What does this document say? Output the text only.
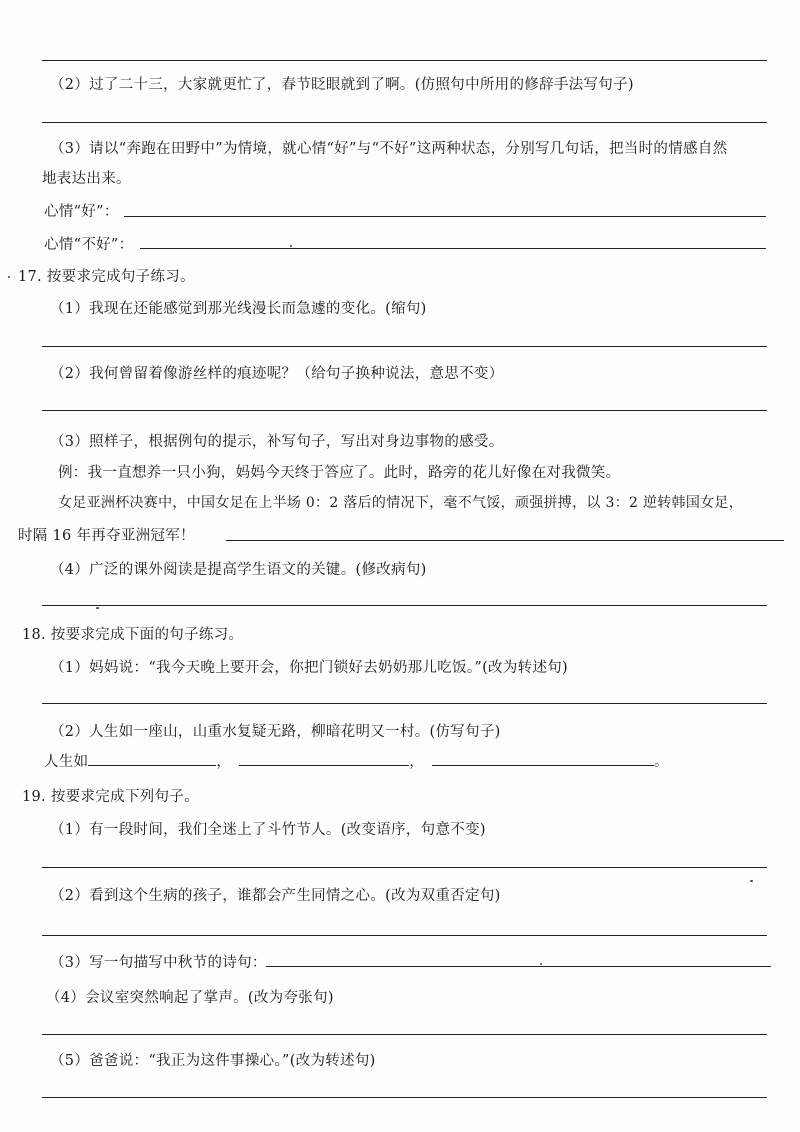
（2）过了二十三，大家就更忙了，春节眨眼就到了啊。(仿照句中所用的修辞手法写句子)
（3）请以“奔跑在田野中”为情境，就心情“好”与“不好”这两种状态，分别写几句话，把当时的情感自然
地表达出来。
心情“好”：
心情“不好”：
17. 按要求完成句子练习。
（1）我现在还能感觉到那光线漫长而急遽的变化。(缩句)
（2）我何曾留着像游丝样的痕迹呢？（给句子换种说法，意思不变）
（3）照样子，根据例句的提示，补写句子，写出对身边事物的感受。
例：我一直想养一只小狗，妈妈今天终于答应了。此时，路旁的花儿好像在对我微笑。
女足亚洲杯决赛中，中国女足在上半场 0：2 落后的情况下，毫不气馁，顽强拼搏，以 3：2 逆转韩国女足，
时隔 16 年再夺亚洲冠军！
（4）广泛的课外阅读是提高学生语文的关键。(修改病句)
18. 按要求完成下面的句子练习。
（1）妈妈说：“我今天晚上要开会，你把门锁好去奶奶那儿吃饭。”(改为转述句)
（2）人生如一座山，山重水复疑无路，柳暗花明又一村。(仿写句子)
人生如	，	，	。
19. 按要求完成下列句子。
（1）有一段时间，我们全迷上了斗竹节人。(改变语序，句意不变)
（2）看到这个生病的孩子，谁都会产生同情之心。(改为双重否定句)
（3）写一句描写中秋节的诗句：
（4）会议室突然响起了掌声。(改为夸张句)
（5）爸爸说：“我正为这件事操心。”(改为转述句)
